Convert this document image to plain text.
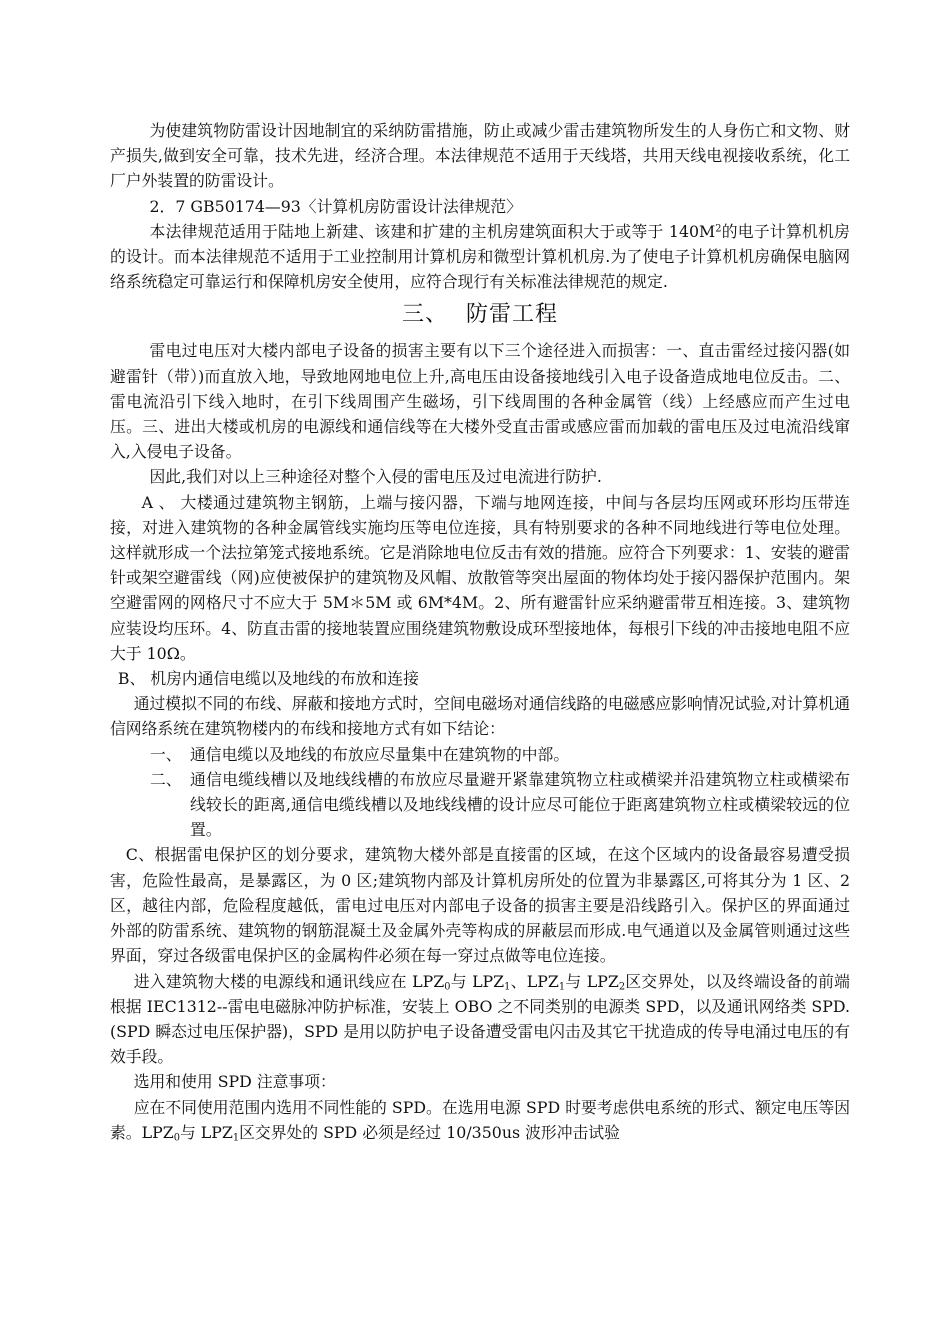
为使建筑物防雷设计因地制宜的采纳防雷措施，防止或减少雷击建筑物所发生的人身伤亡和文物、财产损失,做到安全可靠，技术先进，经济合理。本法律规范不适用于天线塔，共用天线电视接收系统，化工厂户外装置的防雷设计。

2．7 GB50174—93〈计算机房防雷设计法律规范〉

本法律规范适用于陆地上新建、该建和扩建的主机房建筑面积大于或等于 $140M^2$的电子计算机机房的设计。而本法律规范不适用于工业控制用计算机房和微型计算机机房.为了使电子计算机机房确保电脑网络系统稳定可靠运行和保障机房安全使用，应符合现行有关标准法律规范的规定.

三、 防雷工程

雷电过电压对大楼内部电子设备的损害主要有以下三个途径进入而损害：一、直击雷经过接闪器(如避雷针（带）)而直放入地，导致地网地电位上升,高电压由设备接地线引入电子设备造成地电位反击。二、雷电流沿引下线入地时，在引下线周围产生磁场，引下线周围的各种金属管（线）上经感应而产生过电压。三、进出大楼或机房的电源线和通信线等在大楼外受直击雷或感应雷而加载的雷电压及过电流沿线窜入,入侵电子设备。

因此,我们对以上三种途径对整个入侵的雷电压及过电流进行防护.

A 、 大楼通过建筑物主钢筋，上端与接闪器，下端与地网连接，中间与各层均压网或环形均压带连接，对进入建筑物的各种金属管线实施均压等电位连接，具有特别要求的各种不同地线进行等电位处理。这样就形成一个法拉第笼式接地系统。它是消除地电位反击有效的措施。应符合下列要求：1、安装的避雷针或架空避雷线（网)应使被保护的建筑物及风帽、放散管等突出屋面的物体均处于接闪器保护范围内。架空避雷网的网格尺寸不应大于 5M＊5M 或 6M*4M。2、所有避雷针应采纳避雷带互相连接。3、建筑物应装设均压环。4、防直击雷的接地装置应围绕建筑物敷设成环型接地体，每根引下线的冲击接地电阻不应大于 10Ω。

B、 机房内通信电缆以及地线的布放和连接

通过模拟不同的布线、屏蔽和接地方式时，空间电磁场对通信线路的电磁感应影响情况试验,对计算机通信网络系统在建筑物楼内的布线和接地方式有如下结论：

一、 通信电缆以及地线的布放应尽量集中在建筑物的中部。
二、 通信电缆线槽以及地线线槽的布放应尽量避开紧靠建筑物立柱或横梁并沿建筑物立柱或横梁布线较长的距离,通信电缆线槽以及地线线槽的设计应尽可能位于距离建筑物立柱或横梁较远的位置。

C、根据雷电保护区的划分要求，建筑物大楼外部是直接雷的区域，在这个区域内的设备最容易遭受损害，危险性最高，是暴露区，为 0 区;建筑物内部及计算机房所处的位置为非暴露区,可将其分为 1 区、2 区，越往内部，危险程度越低，雷电过电压对内部电子设备的损害主要是沿线路引入。保护区的界面通过外部的防雷系统、建筑物的钢筋混凝土及金属外壳等构成的屏蔽层而形成.电气通道以及金属管则通过这些界面，穿过各级雷电保护区的金属构件必须在每一穿过点做等电位连接。

进入建筑物大楼的电源线和通讯线应在 $LPZ_0$与 $LPZ_1$、$LPZ_1$与 $LPZ_2$区交界处，以及终端设备的前端根据 IEC1312--雷电电磁脉冲防护标准，安装上 OBO 之不同类别的电源类 SPD，以及通讯网络类 SPD.(SPD 瞬态过电压保护器)，SPD 是用以防护电子设备遭受雷电闪击及其它干扰造成的传导电涌过电压的有效手段。

选用和使用 SPD 注意事项：

应在不同使用范围内选用不同性能的 SPD。在选用电源 SPD 时要考虑供电系统的形式、额定电压等因素。$LPZ_0$与 $LPZ_1$区交界处的 SPD 必须是经过 10/350us 波形冲击试验
